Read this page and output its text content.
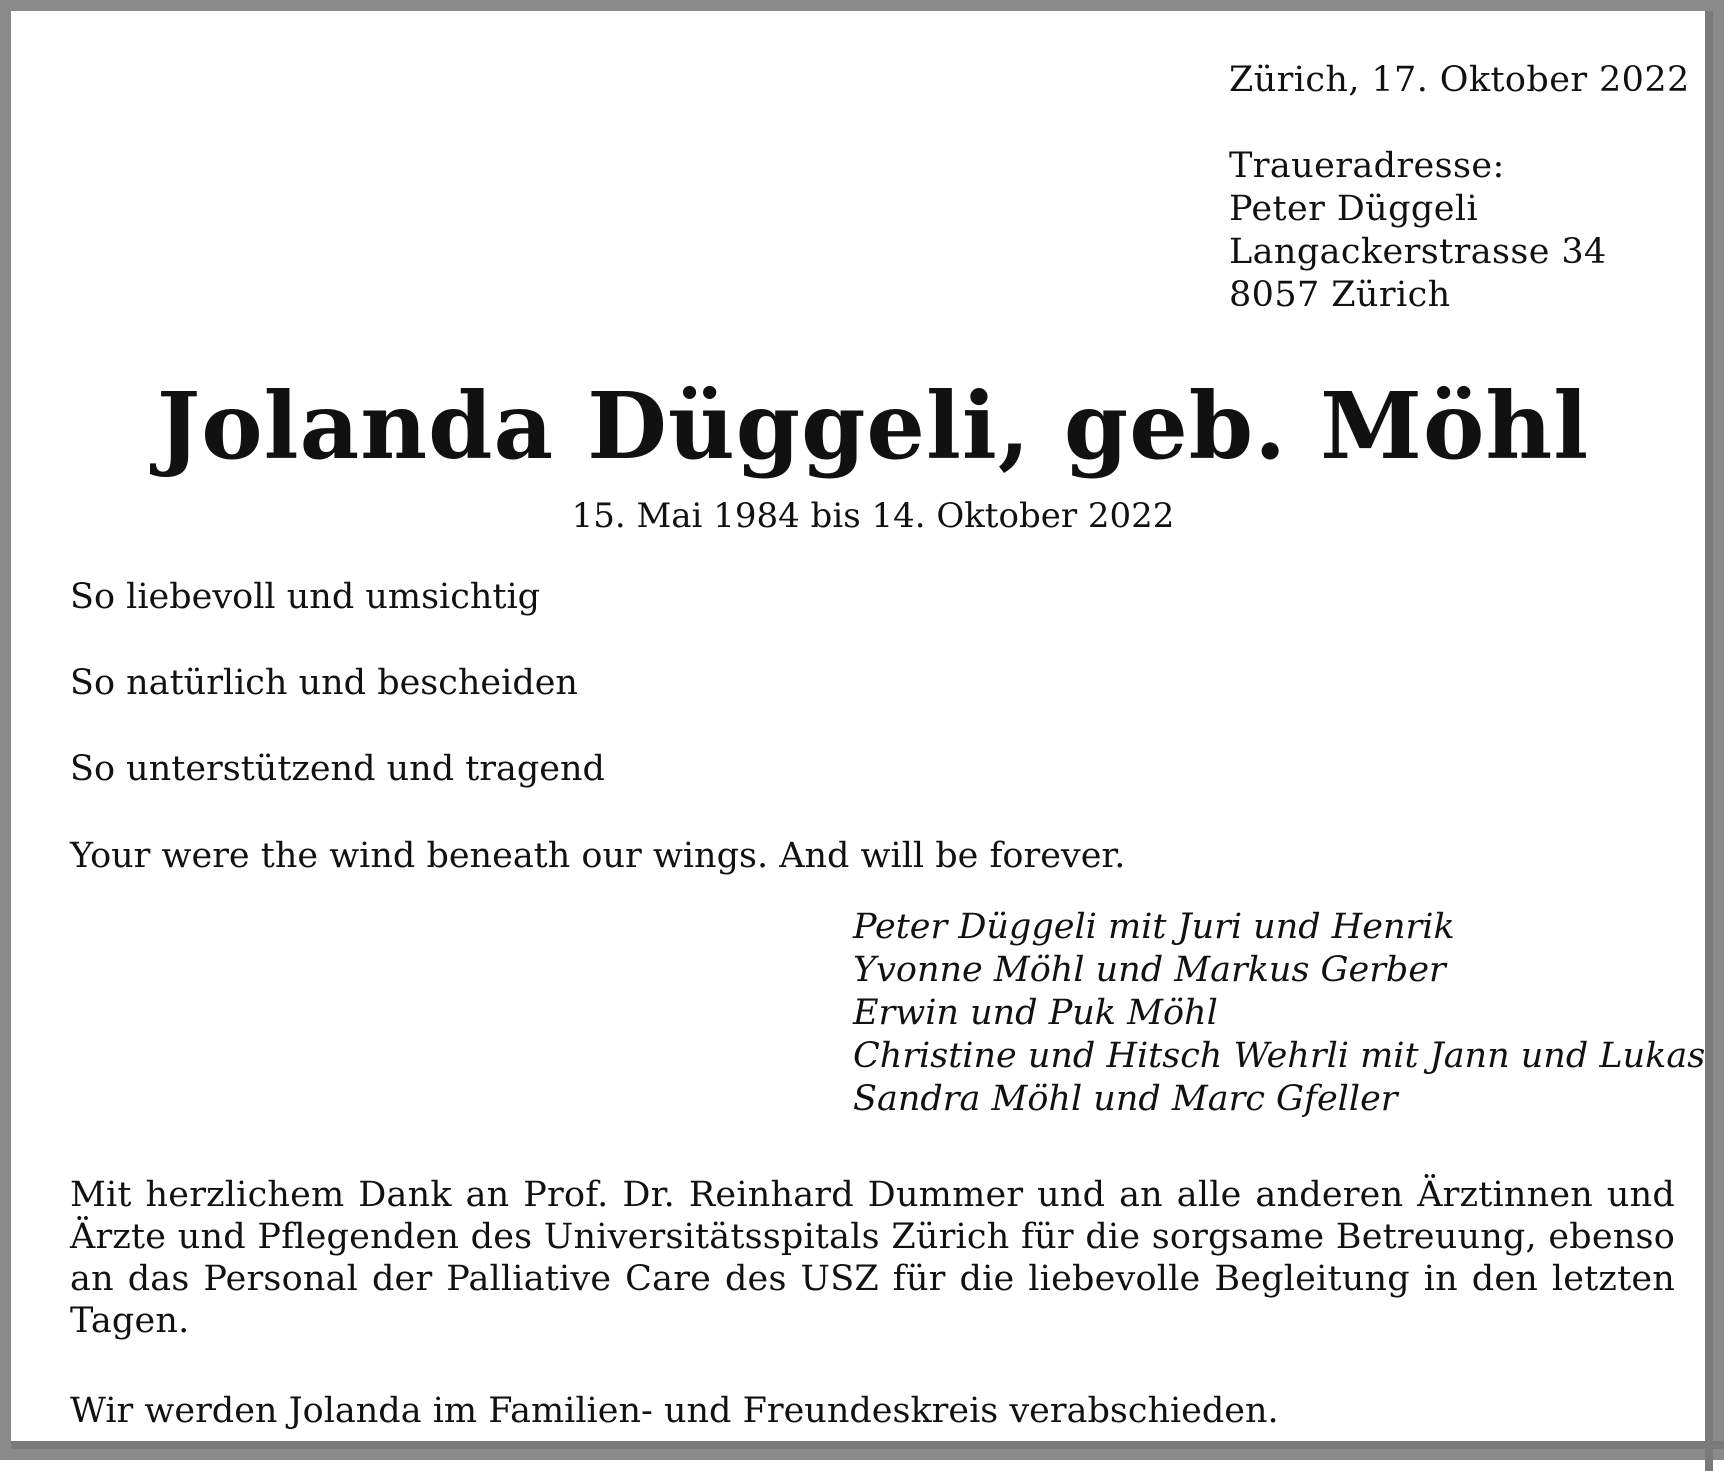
Zürich, 17. Oktober 2022
Traueradresse:
Peter Düggeli
Langackerstrasse 34
8057 Zürich
Jolanda Düggeli, geb. Möhl
15. Mai 1984 bis 14. Oktober 2022
So liebevoll und umsichtig
So natürlich und bescheiden
So unterstützend und tragend
Your were the wind beneath our wings. And will be forever.
Peter Düggeli mit Juri und Henrik
Yvonne Möhl und Markus Gerber
Erwin und Puk Möhl
Christine und Hitsch Wehrli mit Jann und Lukas
Sandra Möhl und Marc Gfeller
Mit herzlichem Dank an Prof. Dr. Reinhard Dummer und an alle anderen Ärztinnen und Ärzte und Pflegenden des Universitätsspitals Zürich für die sorgsame Betreuung, ebenso an das Personal der Palliative Care des USZ für die liebevolle Begleitung in den letzten Tagen.
Wir werden Jolanda im Familien- und Freundeskreis verabschieden.
